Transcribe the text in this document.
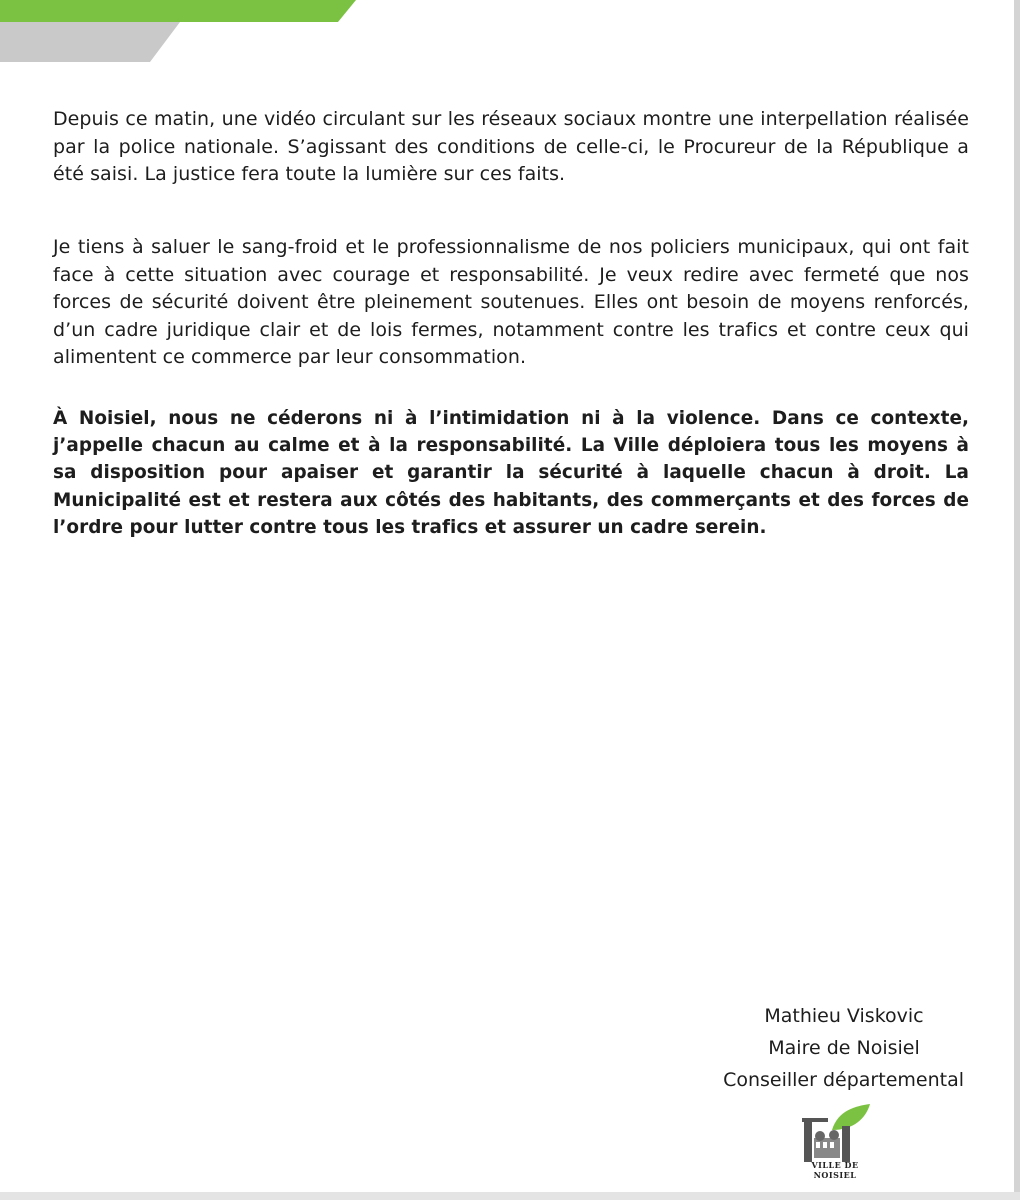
Depuis ce matin, une vidéo circulant sur les réseaux sociaux montre une interpellation réalisée par la police nationale. S’agissant des conditions de celle-ci, le Procureur de la République a été saisi. La justice fera toute la lumière sur ces faits.

Je tiens à saluer le sang-froid et le professionnalisme de nos policiers municipaux, qui ont fait face à cette situation avec courage et responsabilité. Je veux redire avec fermeté que nos forces de sécurité doivent être pleinement soutenues. Elles ont besoin de moyens renforcés, d’un cadre juridique clair et de lois fermes, notamment contre les trafics et contre ceux qui alimentent ce commerce par leur consommation.

À Noisiel, nous ne céderons ni à l’intimidation ni à la violence. Dans ce contexte, j’appelle chacun au calme et à la responsabilité. La Ville déploiera tous les moyens à sa disposition pour apaiser et garantir la sécurité à laquelle chacun à droit. La Municipalité est et restera aux côtés des habitants, des commerçants et des forces de l’ordre pour lutter contre tous les trafics et assurer un cadre serein.

Mathieu Viskovic
Maire de Noisiel
Conseiller départemental
VILLE DE NOISIEL
